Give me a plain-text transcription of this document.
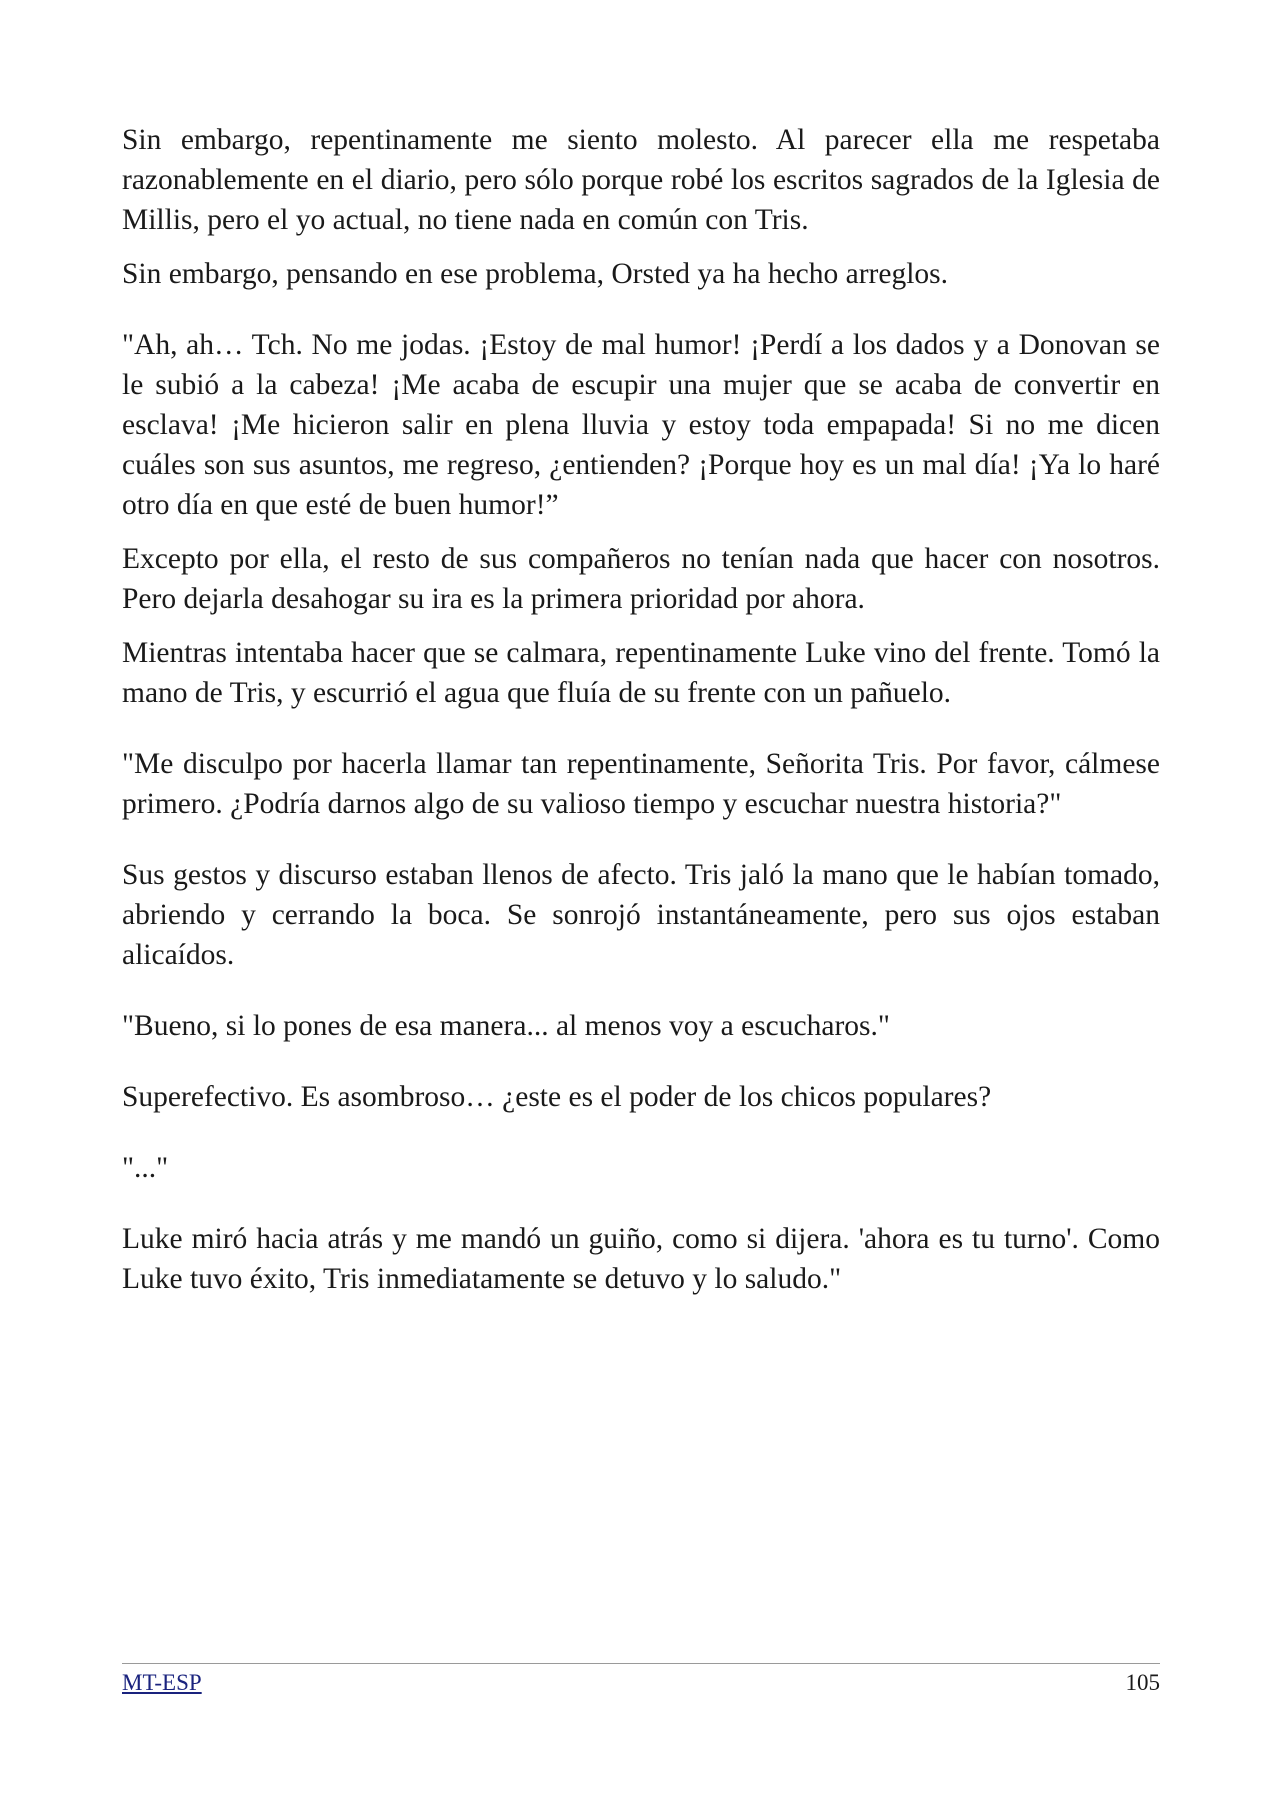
Sin embargo, repentinamente me siento molesto. Al parecer ella me respetaba razonablemente en el diario, pero sólo porque robé los escritos sagrados de la Iglesia de Millis, pero el yo actual, no tiene nada en común con Tris.

Sin embargo, pensando en ese problema, Orsted ya ha hecho arreglos.

"Ah, ah… Tch. No me jodas. ¡Estoy de mal humor! ¡Perdí a los dados y a Donovan se le subió a la cabeza! ¡Me acaba de escupir una mujer que se acaba de convertir en esclava! ¡Me hicieron salir en plena lluvia y estoy toda empapada! Si no me dicen cuáles son sus asuntos, me regreso, ¿entienden? ¡Porque hoy es un mal día! ¡Ya lo haré otro día en que esté de buen humor!”

Excepto por ella, el resto de sus compañeros no tenían nada que hacer con nosotros. Pero dejarla desahogar su ira es la primera prioridad por ahora.

Mientras intentaba hacer que se calmara, repentinamente Luke vino del frente. Tomó la mano de Tris, y escurrió el agua que fluía de su frente con un pañuelo.

"Me disculpo por hacerla llamar tan repentinamente, Señorita Tris. Por favor, cálmese primero. ¿Podría darnos algo de su valioso tiempo y escuchar nuestra historia?"

Sus gestos y discurso estaban llenos de afecto. Tris jaló la mano que le habían tomado, abriendo y cerrando la boca. Se sonrojó instantáneamente, pero sus ojos estaban alicaídos.

"Bueno, si lo pones de esa manera... al menos voy a escucharos."

Superefectivo. Es asombroso… ¿este es el poder de los chicos populares?

"..."

Luke miró hacia atrás y me mandó un guiño, como si dijera. 'ahora es tu turno'. Como Luke tuvo éxito, Tris inmediatamente se detuvo y lo saludo."

MT-ESP	105
